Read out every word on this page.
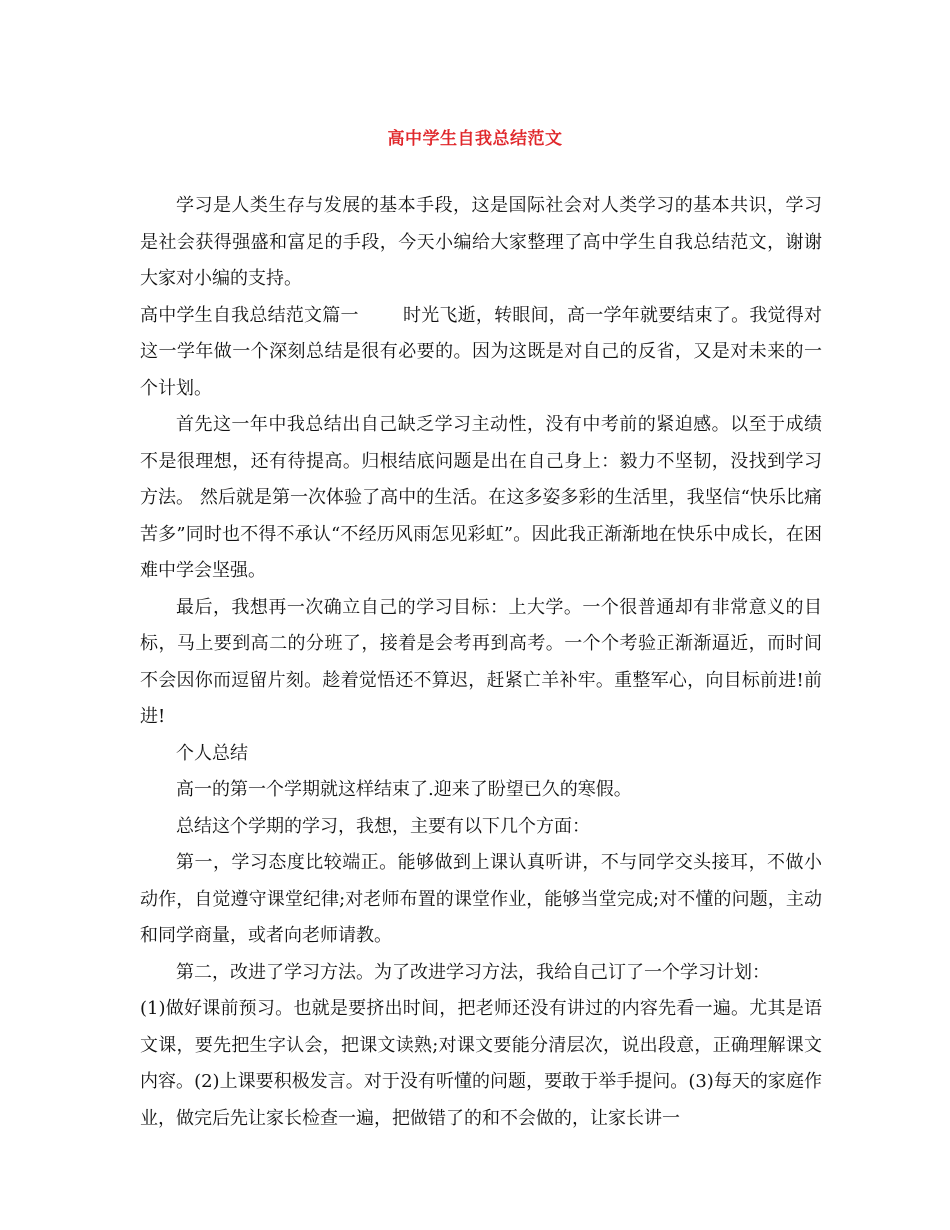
高中学生自我总结范文

学习是人类生存与发展的基本手段，这是国际社会对人类学习的基本共识，学习是社会获得强盛和富足的手段，今天小编给大家整理了高中学生自我总结范文，谢谢大家对小编的支持。

高中学生自我总结范文篇一 时光飞逝，转眼间，高一学年就要结束了。我觉得对这一学年做一个深刻总结是很有必要的。因为这既是对自己的反省，又是对未来的一个计划。

首先这一年中我总结出自己缺乏学习主动性，没有中考前的紧迫感。以至于成绩不是很理想，还有待提高。归根结底问题是出在自己身上：毅力不坚韧，没找到学习方法。 然后就是第一次体验了高中的生活。在这多姿多彩的生活里，我坚信“快乐比痛苦多”同时也不得不承认“不经历风雨怎见彩虹”。因此我正渐渐地在快乐中成长，在困难中学会坚强。

最后，我想再一次确立自己的学习目标：上大学。一个很普通却有非常意义的目标，马上要到高二的分班了，接着是会考再到高考。一个个考验正渐渐逼近，而时间不会因你而逗留片刻。趁着觉悟还不算迟，赶紧亡羊补牢。重整军心，向目标前进!前进!

个人总结

高一的第一个学期就这样结束了.迎来了盼望已久的寒假。

总结这个学期的学习，我想，主要有以下几个方面：

第一，学习态度比较端正。能够做到上课认真听讲，不与同学交头接耳，不做小动作，自觉遵守课堂纪律;对老师布置的课堂作业，能够当堂完成;对不懂的问题，主动和同学商量，或者向老师请教。

第二，改进了学习方法。为了改进学习方法，我给自己订了一个学习计划：

(1)做好课前预习。也就是要挤出时间，把老师还没有讲过的内容先看一遍。尤其是语文课，要先把生字认会，把课文读熟;对课文要能分清层次，说出段意，正确理解课文内容。(2)上课要积极发言。对于没有听懂的问题，要敢于举手提问。(3)每天的家庭作业，做完后先让家长检查一遍，把做错了的和不会做的，让家长讲一
